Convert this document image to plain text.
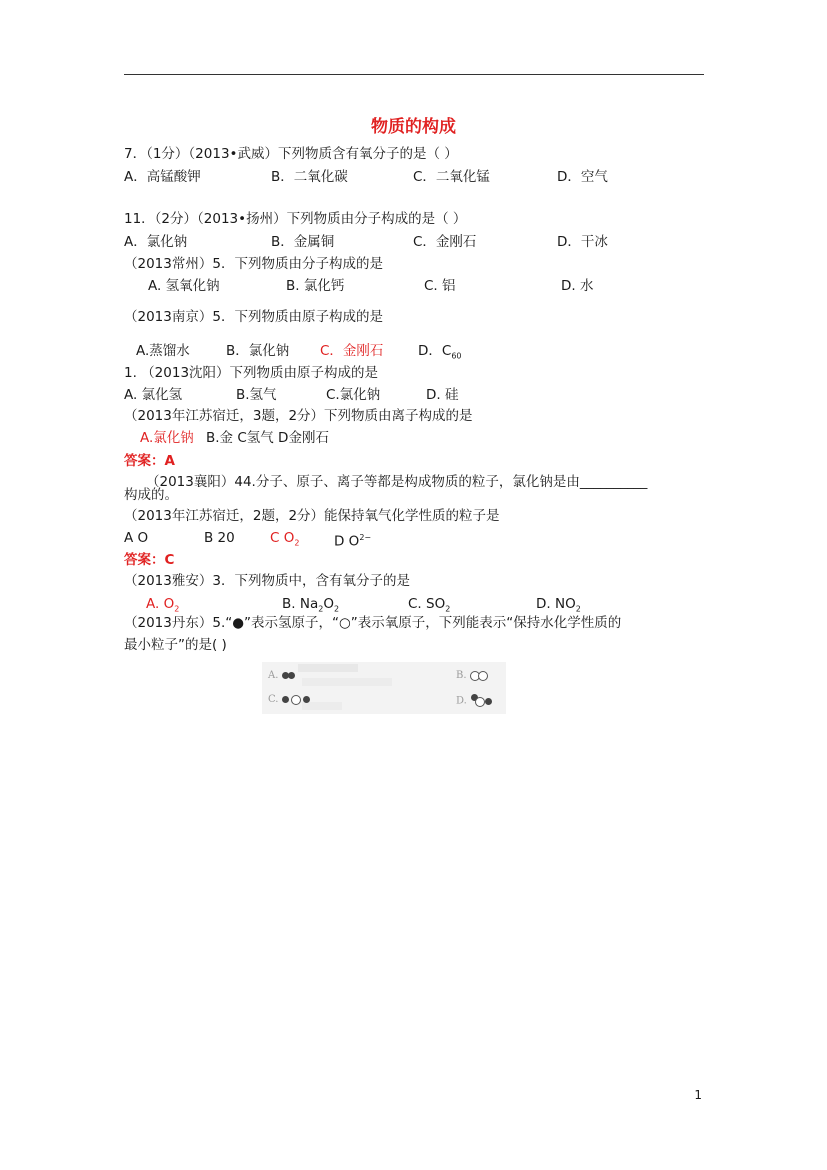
物质的构成
7．（1分）（2013•武威）下列物质含有氧分子的是（ ）
A．高锰酸钾	B．二氧化碳	C．二氧化锰	D．空气
11．（2分）（2013•扬州）下列物质由分子构成的是（ ）
A．氯化钠	B．金属铜	C．金刚石	D．干冰
（2013常州）5．下列物质由分子构成的是
A. 氢氧化钠	B. 氯化钙	C. 铝	D. 水
（2013南京）5．下列物质由原子构成的是
A.蒸馏水	B．氯化钠 C．金刚石	D．$C_{60}$
1. （2013沈阳）下列物质由原子构成的是
A. 氯化氢	B.氢气	C.氯化钠	D. 硅
（2013年江苏宿迁，3题，2分）下列物质由离子构成的是
A.氯化钠 B.金 C氢气 D金刚石
答案：A
（2013襄阳）44.分子、原子、离子等都是构成物质的粒子，氯化钠是由__________
构成的。
（2013年江苏宿迁，2题，2分）能保持氧气化学性质的粒子是
A O	B 20	C $O_2$	D $O^{2-}$
答案：C
（2013雅安）3．下列物质中，含有氧分子的是
A. $O_2$	B. $Na_2O_2$	C. $SO_2$	D. $NO_2$
（2013丹东）5.“●”表示氢原子，“○”表示氧原子，下列能表示“保持水化学性质的
最小粒子”的是( )
A.	B.
C.	D.
1
